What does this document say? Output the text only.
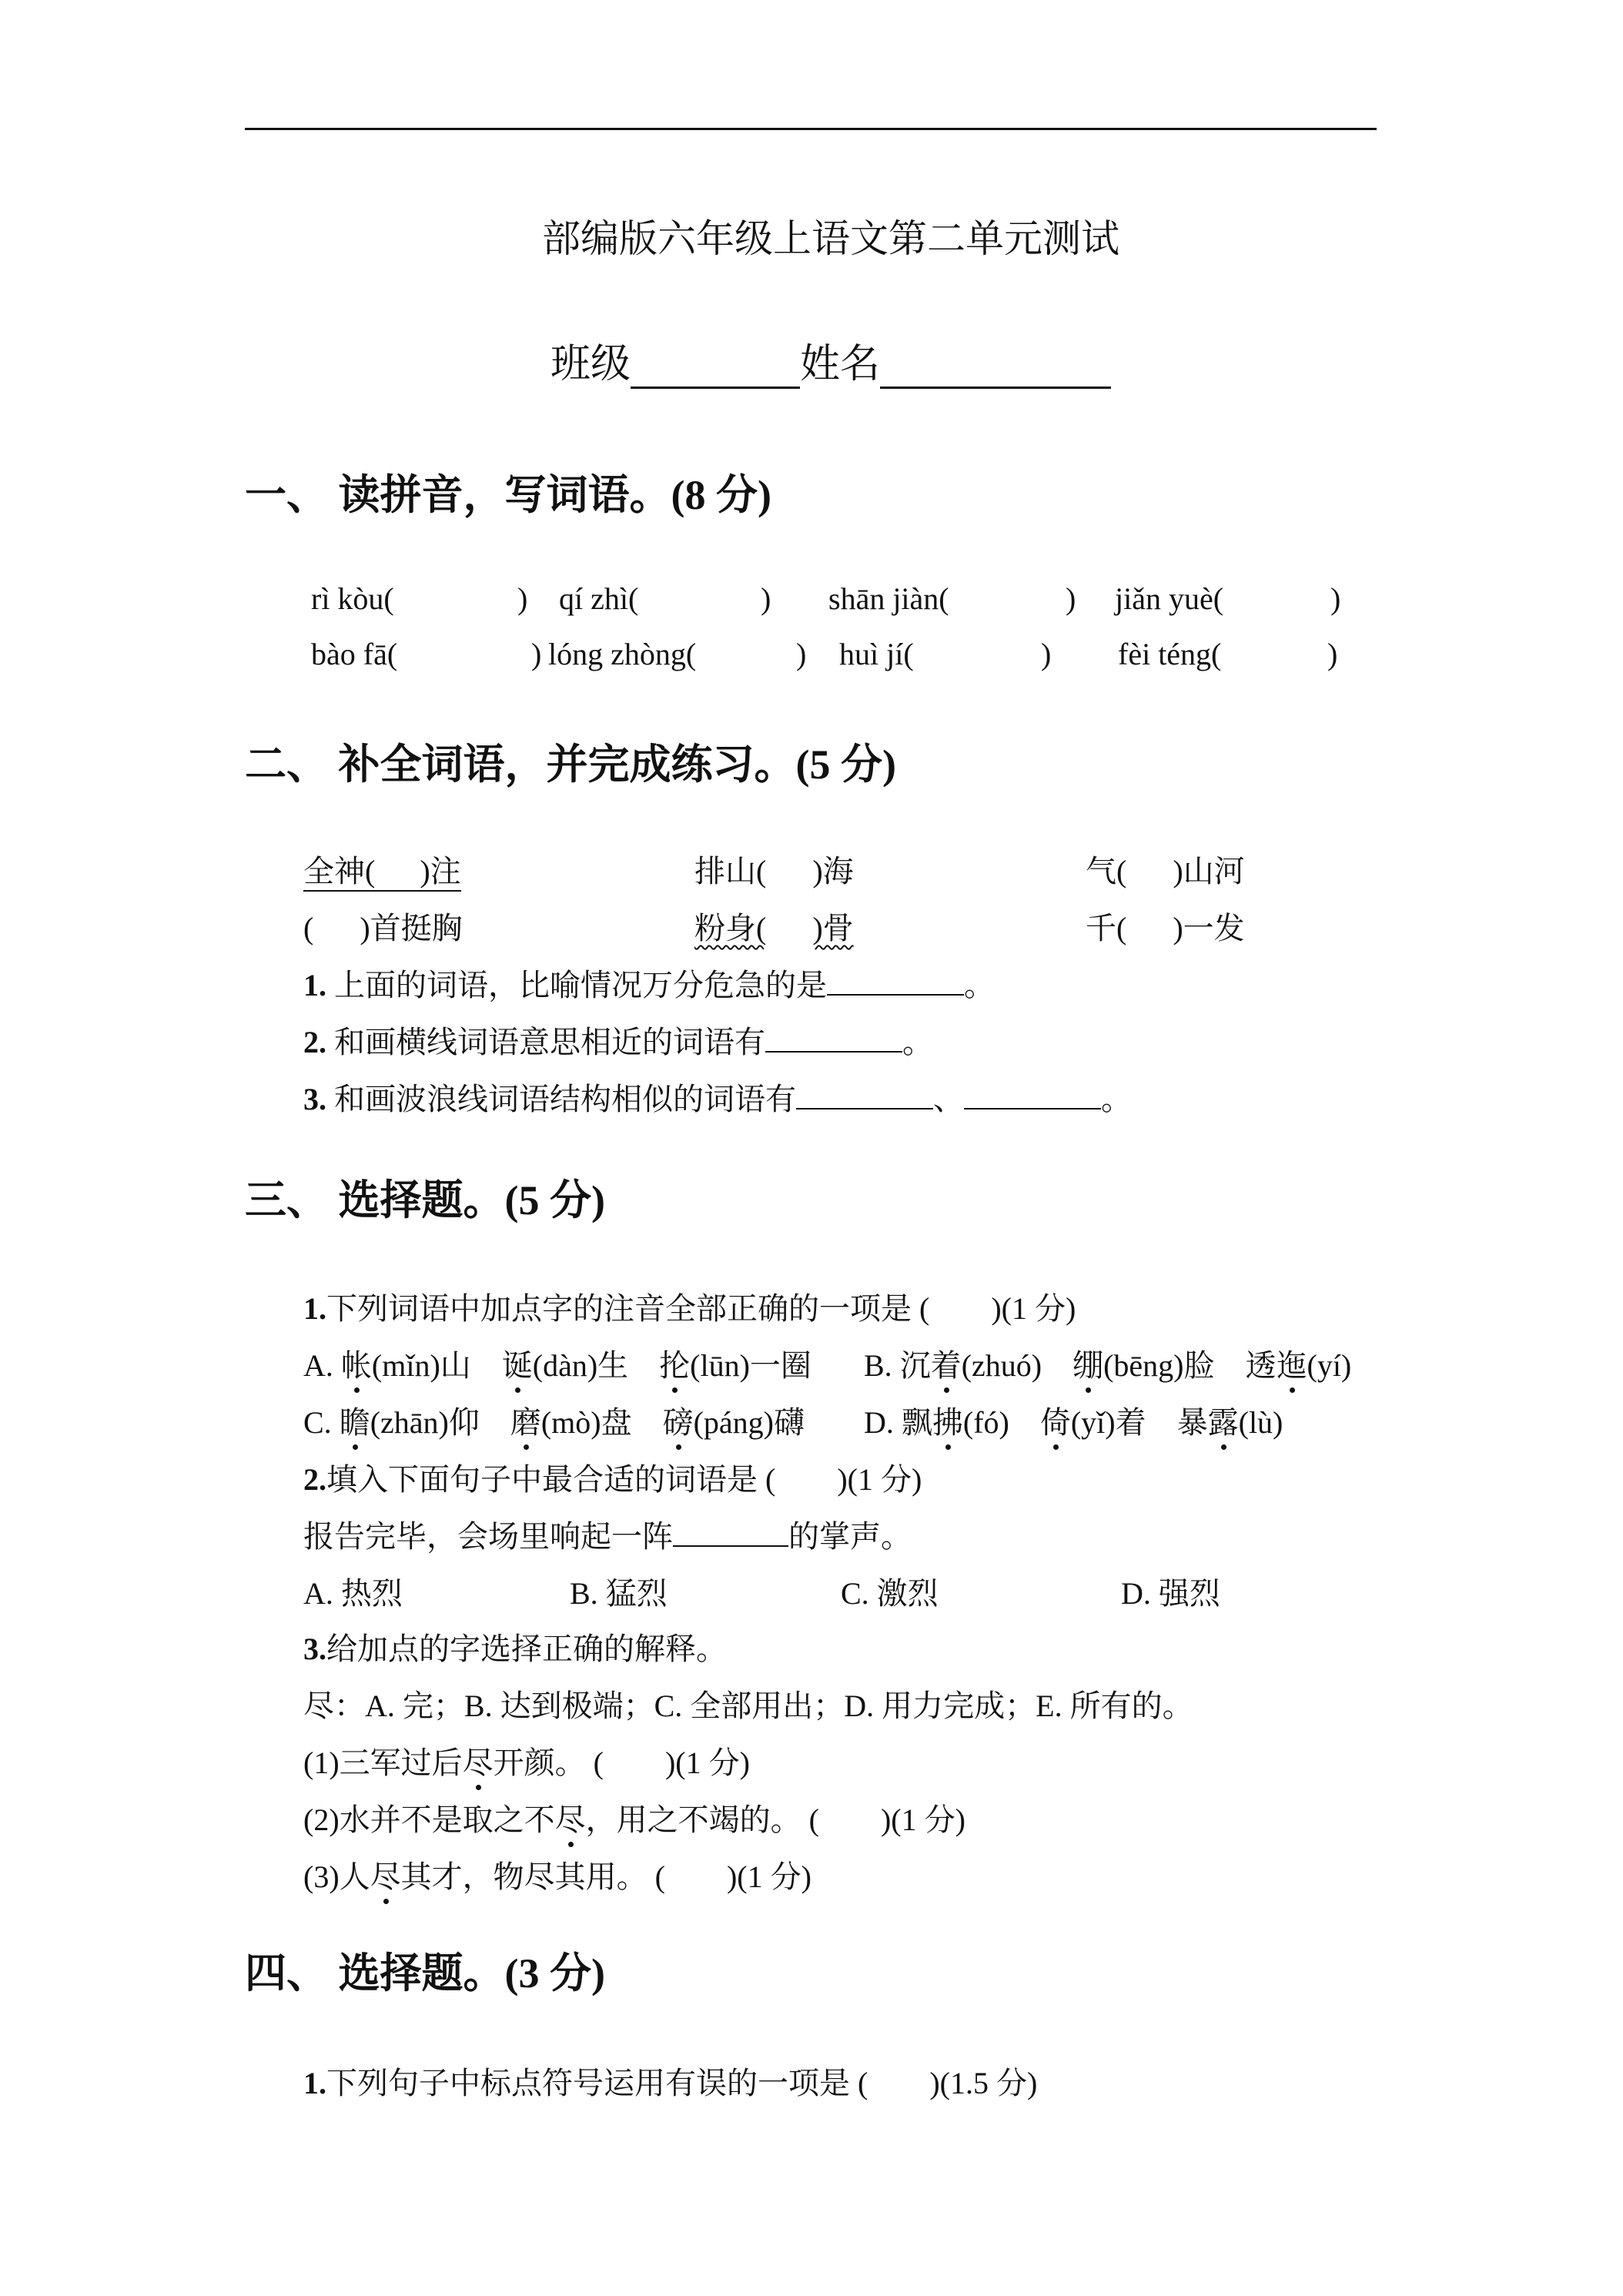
部编版六年级上语文第二单元测试
班级	姓名
一、 读拼音，写词语。(8 分)
rì kòu(	) qí zhì(	) shān jiàn(	) jiǎn yuè(	)
bào fā(	) lóng zhòng(	) huì jí(	) fèi téng(	)
二、 补全词语，并完成练习。(5 分)
全神( )注	排山( )海	气( )山河
( )首挺胸	粉身( )骨	千( )一发
1. 上面的词语，比喻情况万分危急的是	。
2. 和画横线词语意思相近的词语有	。
3. 和画波浪线词语结构相似的词语有	、	。
三、 选择题。(5 分)
1.下列词语中加点字的注音全部正确的一项是 (　　)(1 分)
A. 帐(mǐn)山 诞(dàn)生 抡(lūn)一圈 B. 沉着(zhuó) 绷(bēng)脸 透迤(yí)
C. 瞻(zhān)仰 磨(mò)盘 磅(páng)礴 D. 飘拂(fó) 倚(yǐ)着 暴露(lù)
2.填入下面句子中最合适的词语是 (　　)(1 分)
报告完毕，会场里响起一阵	的掌声。
A. 热烈	B. 猛烈	C. 激烈	D. 强烈
3.给加点的字选择正确的解释。
尽：A. 完；B. 达到极端；C. 全部用出；D. 用力完成；E. 所有的。
(1)三军过后尽开颜。 (　　)(1 分)
(2)水并不是取之不尽，用之不竭的。 (　　)(1 分)
(3)人尽其才，物尽其用。 (　　)(1 分)
四、 选择题。(3 分)
1.下列句子中标点符号运用有误的一项是 (　　)(1.5 分)
